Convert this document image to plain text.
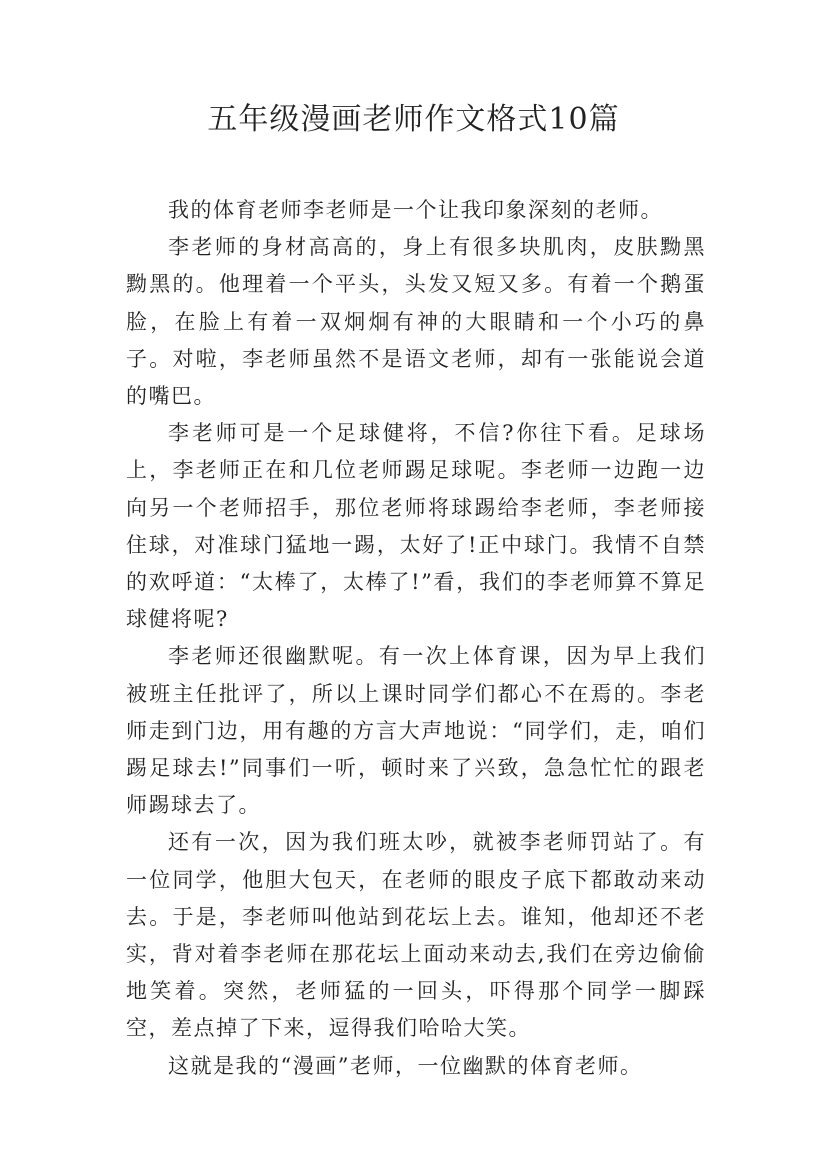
五年级漫画老师作文格式10篇

我的体育老师李老师是一个让我印象深刻的老师。

李老师的身材高高的，身上有很多块肌肉，皮肤黝黑黝黑的。他理着一个平头，头发又短又多。有着一个鹅蛋脸，在脸上有着一双炯炯有神的大眼睛和一个小巧的鼻子。对啦，李老师虽然不是语文老师，却有一张能说会道的嘴巴。

李老师可是一个足球健将，不信?你往下看。足球场上，李老师正在和几位老师踢足球呢。李老师一边跑一边向另一个老师招手，那位老师将球踢给李老师，李老师接住球，对准球门猛地一踢，太好了!正中球门。我情不自禁的欢呼道：“太棒了，太棒了!”看，我们的李老师算不算足球健将呢?

李老师还很幽默呢。有一次上体育课，因为早上我们被班主任批评了，所以上课时同学们都心不在焉的。李老师走到门边，用有趣的方言大声地说：“同学们，走，咱们踢足球去!”同事们一听，顿时来了兴致，急急忙忙的跟老师踢球去了。

还有一次，因为我们班太吵，就被李老师罚站了。有一位同学，他胆大包天，在老师的眼皮子底下都敢动来动去。于是，李老师叫他站到花坛上去。谁知，他却还不老实，背对着李老师在那花坛上面动来动去,我们在旁边偷偷地笑着。突然，老师猛的一回头，吓得那个同学一脚踩空，差点掉了下来，逗得我们哈哈大笑。

这就是我的“漫画”老师，一位幽默的体育老师。
